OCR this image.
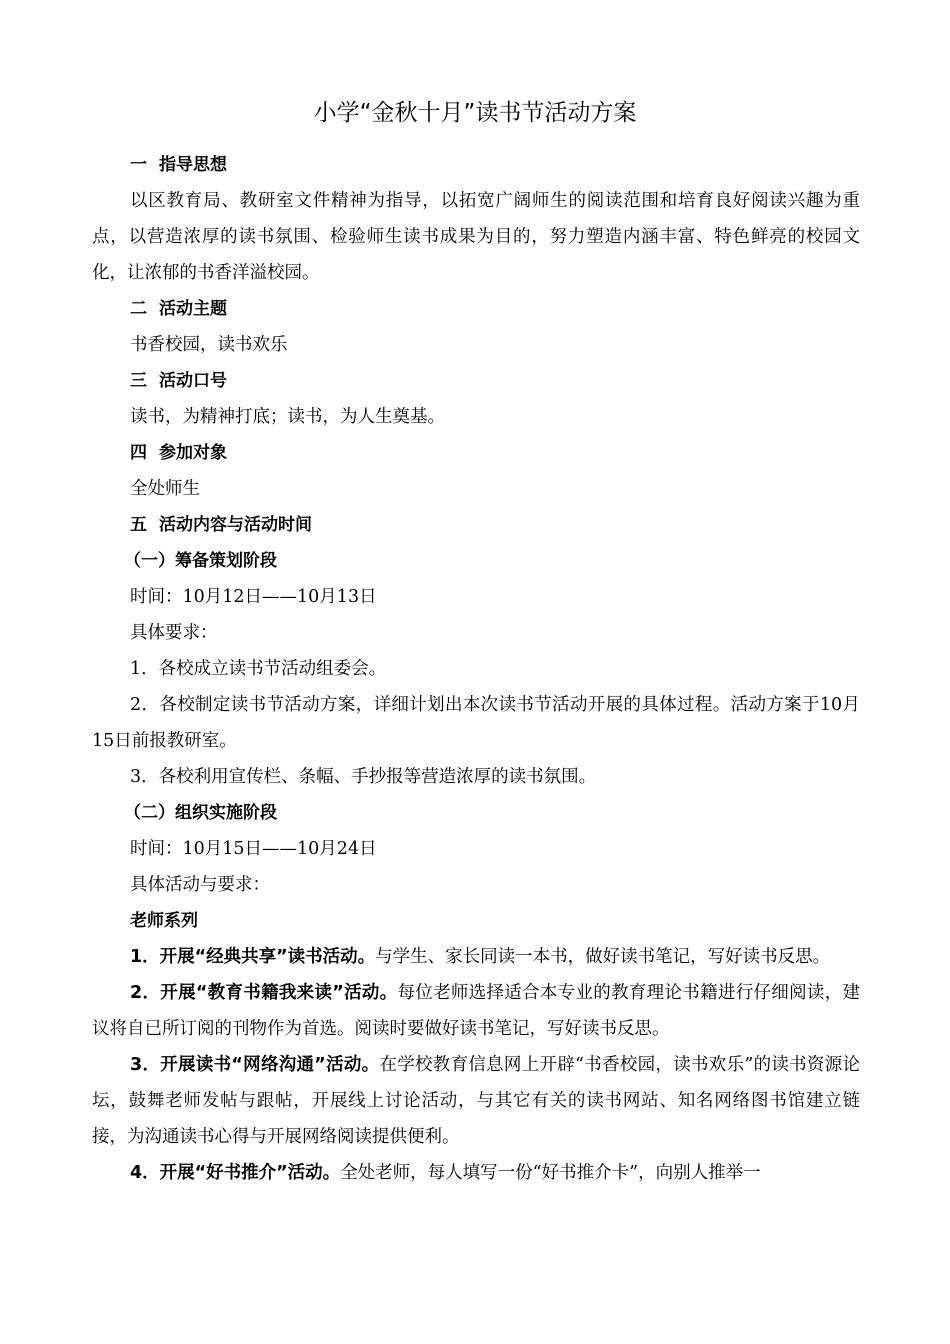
小学“金秋十月”读书节活动方案

一 指导思想

以区教育局、教研室文件精神为指导，以拓宽广阔师生的阅读范围和培育良好阅读兴趣为重点，以营造浓厚的读书氛围、检验师生读书成果为目的，努力塑造内涵丰富、特色鲜亮的校园文化，让浓郁的书香洋溢校园。

二 活动主题

书香校园，读书欢乐

三 活动口号

读书，为精神打底；读书，为人生奠基。

四 参加对象

全处师生

五 活动内容与活动时间

（一）筹备策划阶段

时间：10月12日——10月13日

具体要求：

1．各校成立读书节活动组委会。

2．各校制定读书节活动方案，详细计划出本次读书节活动开展的具体过程。活动方案于10月15日前报教研室。

3．各校利用宣传栏、条幅、手抄报等营造浓厚的读书氛围。

（二）组织实施阶段

时间：10月15日——10月24日

具体活动与要求：

老师系列

1．开展“经典共享”读书活动。与学生、家长同读一本书，做好读书笔记，写好读书反思。

2．开展“教育书籍我来读”活动。每位老师选择适合本专业的教育理论书籍进行仔细阅读，建议将自已所订阅的刊物作为首选。阅读时要做好读书笔记，写好读书反思。

3．开展读书“网络沟通”活动。在学校教育信息网上开辟“书香校园，读书欢乐”的读书资源论坛，鼓舞老师发帖与跟帖，开展线上讨论活动，与其它有关的读书网站、知名网络图书馆建立链接，为沟通读书心得与开展网络阅读提供便利。

4．开展“好书推介”活动。全处老师，每人填写一份“好书推介卡”，向别人推举一
